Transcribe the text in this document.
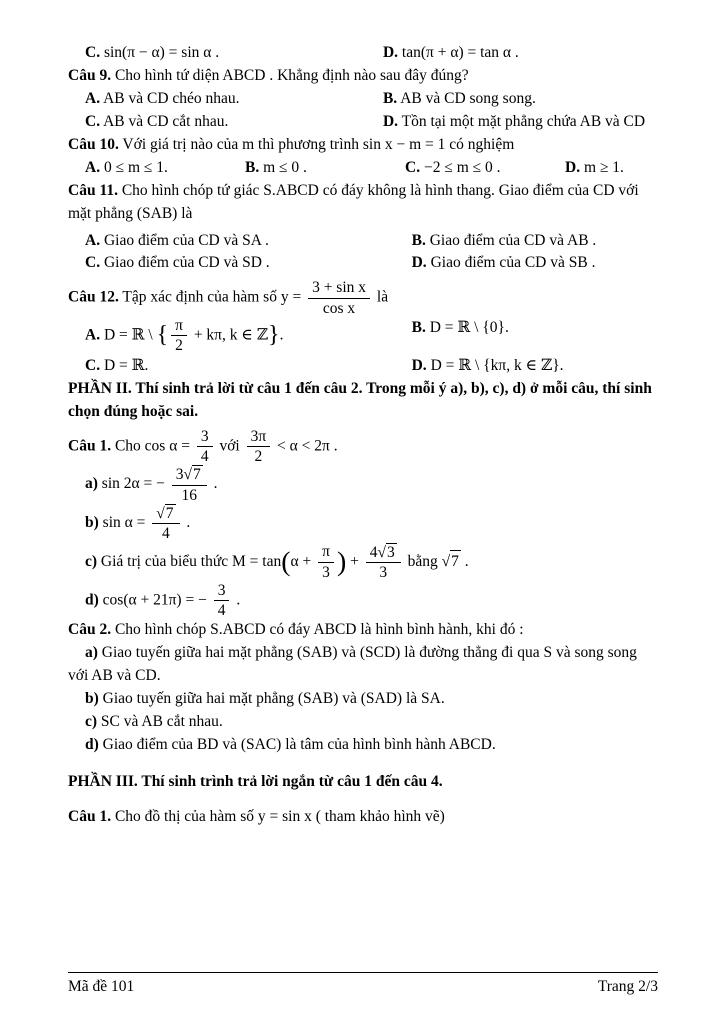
C. sin(π − α) = sin α .	D. tan(π + α) = tan α .

Câu 9. Cho hình tứ diện ABCD . Khẳng định nào sau đây đúng?

A. AB và CD chéo nhau.	B. AB và CD song song.
C. AB và CD cắt nhau.	D. Tồn tại một mặt phẳng chứa AB và CD

Câu 10. Với giá trị nào của m thì phương trình sin x − m = 1 có nghiệm

A. 0 ≤ m ≤ 1.	B. m ≤ 0 .	C. −2 ≤ m ≤ 0 .	D. m ≥ 1.

Câu 11. Cho hình chóp tứ giác S.ABCD có đáy không là hình thang. Giao điểm của CD với mặt phẳng (SAB) là

A. Giao điểm của CD và SA .	B. Giao điểm của CD và AB .
C. Giao điểm của CD và SD .	D. Giao điểm của CD và SB .

Câu 12. Tập xác định của hàm số $y = \frac{\text{3 + sin x}}{\text{cos x}}$ là

A. D = ℝ \ { $\frac{\pi}{2} + k\pi$, k ∈ ℤ}.	B. D = ℝ \ {0}.
C. D = ℝ.	D. D = ℝ \ {kπ, k ∈ ℤ}.

PHẦN II. Thí sinh trả lời từ câu 1 đến câu 2. Trong mỗi ý a), b), c), d) ở mỗi câu, thí sinh chọn đúng hoặc sai.

Câu 1. Cho $\cos \alpha = \frac{3}{4}$ với $\frac{3\pi}{2} < \alpha < 2\pi$ .

a) sin 2α = − $\frac{3√7}{16}$ .

b) $\sin \alpha = \frac{√7}{4}$ .

c) Giá trị của biểu thức $M = \tan(\alpha + \frac{\pi}{3}$ ) + $\frac{4√3}{3}$ bằng √7 .

d) cos(α + 21π) = − $\frac{3}{4}$ .

Câu 2. Cho hình chóp S.ABCD có đáy ABCD là hình bình hành, khi đó :

a) Giao tuyến giữa hai mặt phẳng (SAB) và (SCD) là đường thẳng đi qua S và song song với AB và CD.

b) Giao tuyến giữa hai mặt phẳng (SAB) và (SAD) là SA.

c) SC và AB cắt nhau.

d) Giao điểm của BD và (SAC) là tâm của hình bình hành ABCD.

PHẦN III. Thí sinh trình trả lời ngắn từ câu 1 đến câu 4.

Câu 1. Cho đồ thị của hàm số y = sin x ( tham khảo hình vẽ)

Mã đề 101	Trang 2/3
